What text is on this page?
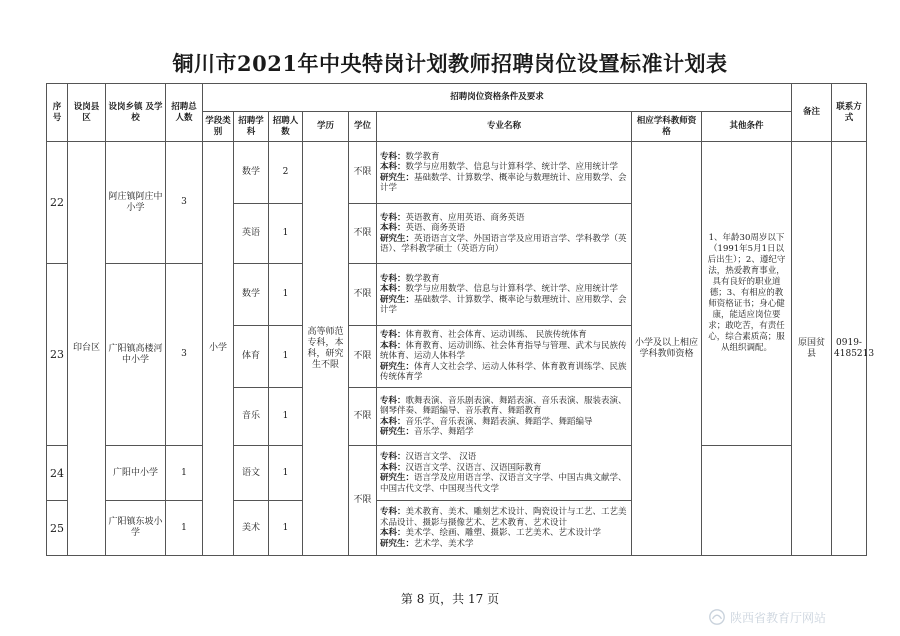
铜川市2021年中央特岗计划教师招聘岗位设置标准计划表
序号	设岗县区	设岗乡镇 及学校	招聘总人数	招聘岗位资格条件及要求								备注	联系方式
				学段类别	招聘学科	招聘人数	学历	学位	专业名称	相应学科教师资格	其他条件		
22	印台区	阿庄镇阿庄中小学	3	小学	数学	2	高等师范专科，本科，研究生不限	不限	专科：数学教育
本科：数学与应用数学、信息与计算科学、统计学、应用统计学
研究生：基础数学、计算数学、概率论与数理统计、应用数学、会计学	小学及以上相应学科教师资格	1、年龄30周岁以下（1991年5月1日以后出生）；2、遵纪守法，热爱教育事业，具有良好的职业道德；3、有相应的教师资格证书；身心健康，能适应岗位要求；敢吃苦，有责任心，综合素质高；服从组织调配。	原国贫县	0919-4185213
					英语	1		不限	专科：英语教育、应用英语、商务英语
本科：英语、商务英语
研究生：英语语言文学、外国语言学及应用语言学、学科教学（英语）、学科教学硕士（英语方向）				

23		广阳镇高楼河中小学	3		数学	1		不限	专科：数学教育
本科：数学与应用数学、信息与计算科学、统计学、应用统计学
研究生：基础数学、计算数学、概率论与数理统计、应用数学、会计学				

					体育	1		不限	专科：体育教育、社会体育、运动训练、 民族传统体育
本科：体育教育、运动训练、社会体育指导与管理、武术与民族传统体育、运动人体科学
研究生：体育人文社会学、运动人体科学、体育教育训练学、民族传统体育学				

					音乐	1		不限	专科：歌舞表演、音乐剧表演、舞蹈表演、音乐表演、服装表演、钢琴伴奏、舞蹈编导、音乐教育、舞蹈教育
本科：音乐学、音乐表演、舞蹈表演、舞蹈学、舞蹈编导
研究生：音乐学、舞蹈学				

24		广阳中小学	1		语文	1		不限	专科：汉语言文学、 汉语
本科：汉语言文学、汉语言、汉语国际教育
研究生：语言学及应用语言学、汉语言文字学、中国古典文献学、中国古代文学、中国现当代文学				

25		广阳镇东坡小学	1		美术	1			专科：美术教育、美术、雕刻艺术设计、陶瓷设计与工艺、工艺美术品设计、摄影与摄像艺术、艺术教育、艺术设计
本科：美术学、绘画、雕塑、摄影、工艺美术、艺术设计学
研究生：艺术学、美术学				
第 8 页，共 17 页
陕西省教育厅网站
